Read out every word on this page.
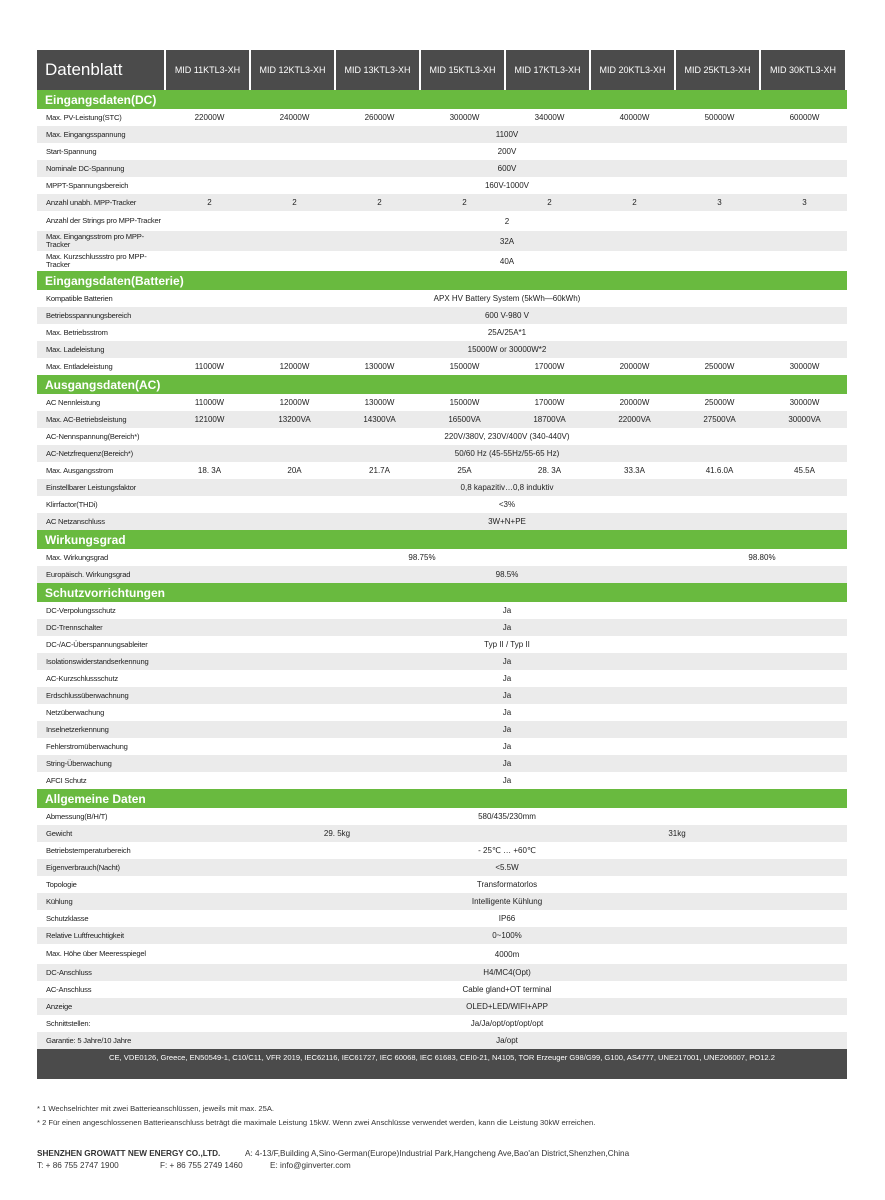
Datenblatt	MID 11KTL3-XH	MID 12KTL3-XH	MID 13KTL3-XH	MID 15KTL3-XH	MID 17KTL3-XH	MID 20KTL3-XH	MID 25KTL3-XH	MID 30KTL3-XH
Eingangsdaten(DC)
Max. PV-Leistung(STC)	22000W	24000W	26000W	30000W	34000W	40000W	50000W	60000W
Max. Eingangsspannung	1100V
Start-Spannung	200V
Nominale DC-Spannung	600V
MPPT-Spannungsbereich	160V-1000V
Anzahl unabh. MPP-Tracker	2	2	2	2	2	2	3	3
Anzahl der Strings pro MPP-Tracker	2
Max. Eingangsstrom pro MPP-Tracker	32A
Max. Kurzschlussstro pro MPP-Tracker	40A
Eingangsdaten(Batterie)
Kompatible Batterien	APX HV Battery System (5kWh—60kWh)
Betriebsspannungsbereich	600 V-980 V
Max. Betriebsstrom	25A/25A*1
Max. Ladeleistung	15000W or 30000W*2
Max. Entladeleistung	11000W	12000W	13000W	15000W	17000W	20000W	25000W	30000W
Ausgangsdaten(AC)
AC Nennleistung	11000W	12000W	13000W	15000W	17000W	20000W	25000W	30000W
Max. AC-Betriebsleistung	12100W	13200VA	14300VA	16500VA	18700VA	22000VA	27500VA	30000VA
AC-Nennspannung(Bereich*)	220V/380V, 230V/400V (340-440V)
AC-Netzfrequenz(Bereich*)	50/60 Hz (45-55Hz/55-65 Hz)
Max. Ausgangsstrom	18. 3A	20A	21.7A	25A	28. 3A	33.3A	41.6.0A	45.5A
Einstellbarer Leistungsfaktor	0,8 kapazitiv…0,8 induktiv
Klirrfactor(THDi)	<3%
AC Netzanschluss	3W+N+PE
Wirkungsgrad
Max. Wirkungsgrad	98.75%	98.80%
Europäisch. Wirkungsgrad	98.5%
Schutzvorrichtungen
DC-Verpolungsschutz	Ja
DC-Trennschalter	Ja
DC-/AC-Überspannungsableiter	Typ II / Typ II
Isolationswiderstandserkennung	Ja
AC-Kurzschlussschutz	Ja
Erdschlussüberwachnung	Ja
Netzüberwachung	Ja
Inselnetzerkennung	Ja
Fehlerstromüberwachung	Ja
String-Überwachung	Ja
AFCI Schutz	Ja
Allgemeine Daten
Abmessung(B/H/T)	580/435/230mm
Gewicht	29. 5kg	31kg
Betriebstemperaturbereich	- 25℃ … +60℃
Eigenverbrauch(Nacht)	<5.5W
Topologie	Transformatorlos
Kühlung	Intelligente Kühlung
Schutzklasse	IP66
Relative Luftfreuchtigkeit	0~100%
Max. Höhe über Meeresspiegel	4000m
DC-Anschluss	H4/MC4(Opt)
AC-Anschluss	Cable gland+OT terminal
Anzeige	OLED+LED/WIFI+APP
Schnittstellen:	Ja/Ja/opt/opt/opt/opt
Garantie: 5 Jahre/10 Jahre	Ja/opt
CE, VDE0126, Greece, EN50549-1, C10/C11, VFR 2019, IEC62116, IEC61727, IEC 60068, IEC 61683, CEI0-21, N4105, TOR Erzeuger G98/G99, G100, AS4777, UNE217001, UNE206007, PO12.2
* 1 Wechselrichter mit zwei Batterieanschlüssen, jeweils mit max. 25A.
* 2 Für einen angeschlossenen Batterieanschluss beträgt die maximale Leistung 15kW. Wenn zwei Anschlüsse verwendet werden, kann die Leistung 30kW erreichen.
SHENZHEN GROWATT NEW ENERGY CO.,LTD.	A: 4-13/F,Building A,Sino-German(Europe)Industrial Park,Hangcheng Ave,Bao'an District,Shenzhen,China
T: + 86 755 2747 1900	F: + 86 755 2749 1460	E: info@ginverter.com
